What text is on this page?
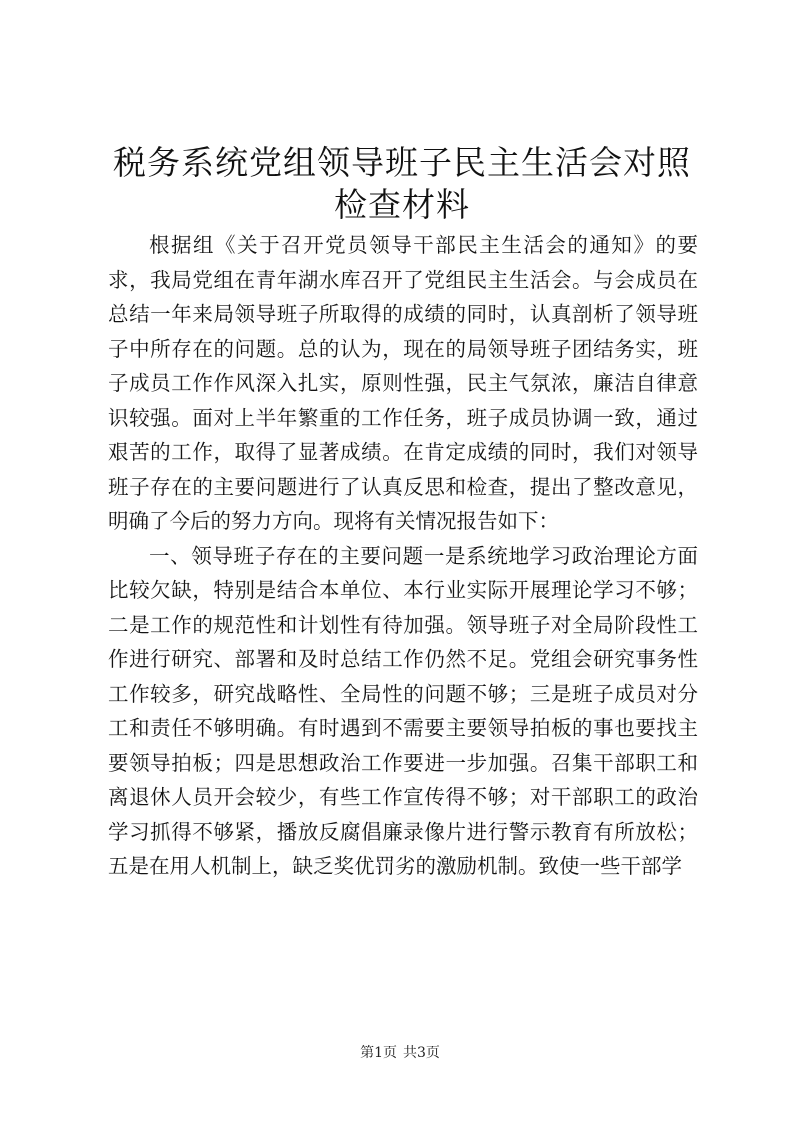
税务系统党组领导班子民主生活会对照检查材料

根据组《关于召开党员领导干部民主生活会的通知》的要求，我局党组在青年湖水库召开了党组民主生活会。与会成员在总结一年来局领导班子所取得的成绩的同时，认真剖析了领导班子中所存在的问题。总的认为，现在的局领导班子团结务实，班子成员工作作风深入扎实，原则性强，民主气氛浓，廉洁自律意识较强。面对上半年繁重的工作任务，班子成员协调一致，通过艰苦的工作，取得了显著成绩。在肯定成绩的同时，我们对领导班子存在的主要问题进行了认真反思和检查，提出了整改意见，明确了今后的努力方向。现将有关情况报告如下：

一、领导班子存在的主要问题一是系统地学习政治理论方面比较欠缺，特别是结合本单位、本行业实际开展理论学习不够；二是工作的规范性和计划性有待加强。领导班子对全局阶段性工作进行研究、部署和及时总结工作仍然不足。党组会研究事务性工作较多，研究战略性、全局性的问题不够；三是班子成员对分工和责任不够明确。有时遇到不需要主要领导拍板的事也要找主要领导拍板；四是思想政治工作要进一步加强。召集干部职工和离退休人员开会较少，有些工作宣传得不够；对干部职工的政治学习抓得不够紧，播放反腐倡廉录像片进行警示教育有所放松；五是在用人机制上，缺乏奖优罚劣的激励机制。致使一些干部学

第1页 共3页
